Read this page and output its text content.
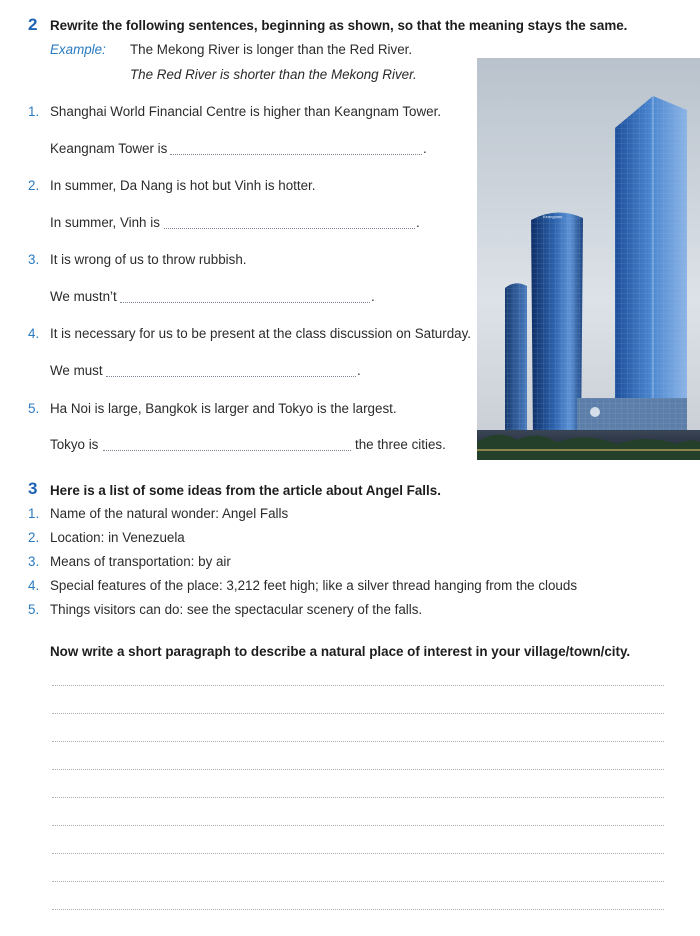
2 Rewrite the following sentences, beginning as shown, so that the meaning stays the same.
Example: The Mekong River is longer than the Red River.
The Red River is shorter than the Mekong River.
1. Shanghai World Financial Centre is higher than Keangnam Tower.
Keangnam Tower is	.
2. In summer, Da Nang is hot but Vinh is hotter.
In summer, Vinh is	.
3. It is wrong of us to throw rubbish.
We mustn’t	.
4. It is necessary for us to be present at the class discussion on Saturday.
We must	.
5. Ha Noi is large, Bangkok is larger and Tokyo is the largest.
Tokyo is	the three cities.
Keangnam
3 Here is a list of some ideas from the article about Angel Falls.
1. Name of the natural wonder: Angel Falls
2. Location: in Venezuela
3. Means of transportation: by air
4. Special features of the place: 3,212 feet high; like a silver thread hanging from the clouds
5. Things visitors can do: see the spectacular scenery of the falls.
Now write a short paragraph to describe a natural place of interest in your village/town/city.
